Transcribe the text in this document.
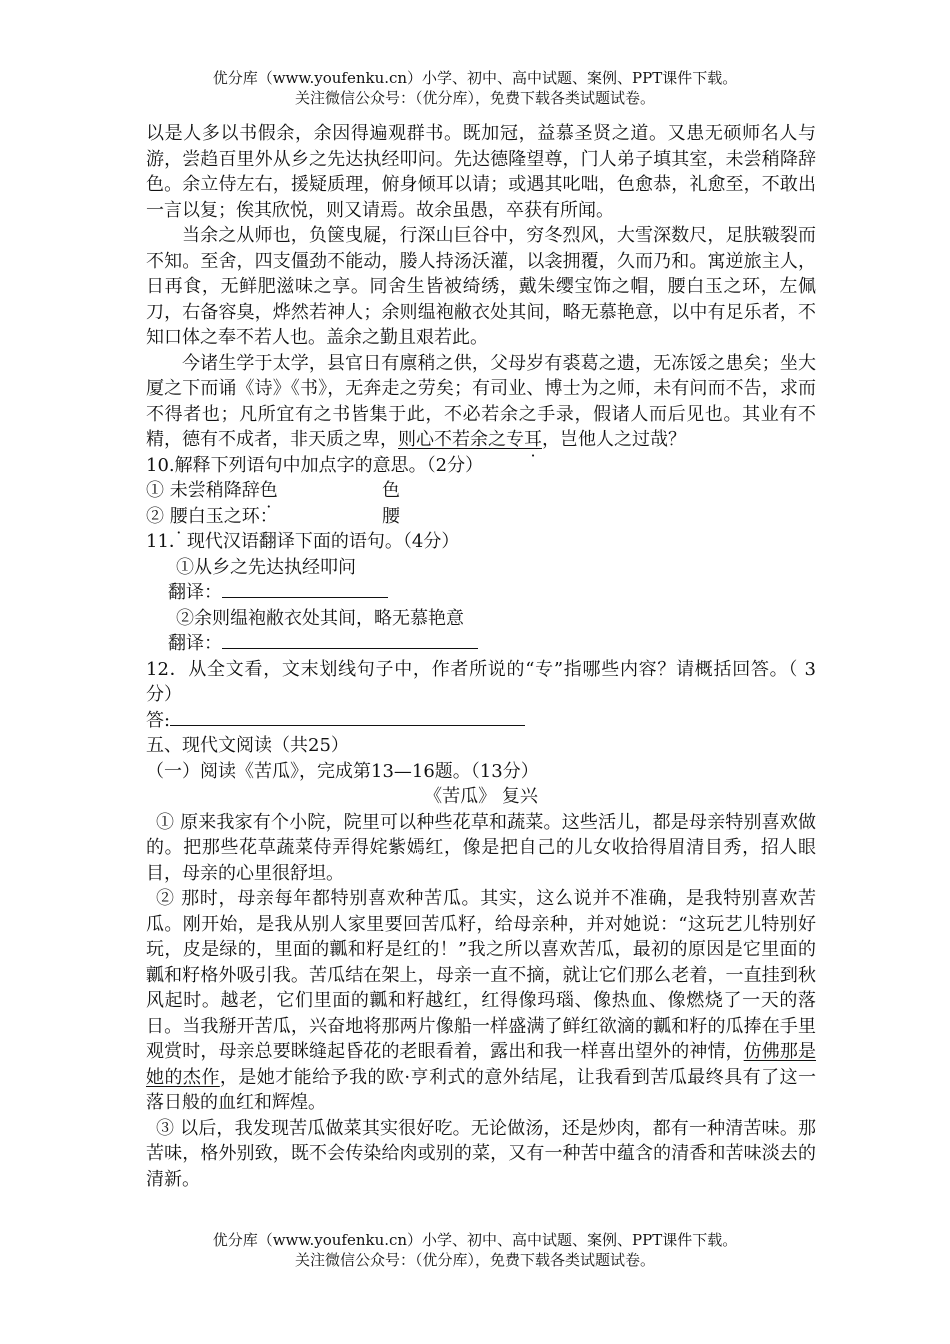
优分库（www.youfenku.cn）小学、初中、高中试题、案例、PPT课件下载。
关注微信公众号：（优分库），免费下载各类试题试卷。

以是人多以书假余，余因得遍观群书。既加冠，益慕圣贤之道。又患无硕师名人与游，尝趋百里外从乡之先达执经叩问。先达德隆望尊，门人弟子填其室，未尝稍降辞色。余立侍左右，援疑质理，俯身倾耳以请；或遇其叱咄，色愈恭，礼愈至，不敢出一言以复；俟其欣悦，则又请焉。故余虽愚，卒获有所闻。

当余之从师也，负箧曳屣，行深山巨谷中，穷冬烈风，大雪深数尺，足肤皲裂而不知。至舍，四支僵劲不能动，媵人持汤沃灌，以衾拥覆，久而乃和。寓逆旅主人，日再食，无鲜肥滋味之享。同舍生皆被绮绣，戴朱缨宝饰之帽，腰白玉之环，左佩刀，右备容臭，烨然若神人；余则缊袍敝衣处其间，略无慕艳意，以中有足乐者，不知口体之奉不若人也。盖余之勤且艰若此。

今诸生学于太学，县官日有廪稍之供，父母岁有裘葛之遗，无冻馁之患矣；坐大厦之下而诵《诗》《书》，无奔走之劳矣；有司业、博士为之师，未有问而不告，求而不得者也；凡所宜有之书皆集于此，不必若余之手录，假诸人而后见也。其业有不精，德有不成者，非天质之卑，则心不若余之专耳，岂他人之过哉？

10.解释下列语句中加点字的意思。（2分）

① 未尝稍降辞色	色

② 腰白玉之环：	腰

11．现代汉语翻译下面的语句。（4分）

①从乡之先达执经叩问

翻译：

②余则缊袍敝衣处其间，略无慕艳意

翻译：

12．从全文看，文末划线句子中，作者所说的“专”指哪些内容？请概括回答。（ 3 分）

答:

五、现代文阅读（共25）

（一）阅读《苦瓜》，完成第13—16题。（13分）

《苦瓜》 复兴

① 原来我家有个小院，院里可以种些花草和蔬菜。这些活儿，都是母亲特别喜欢做的。把那些花草蔬菜侍弄得姹紫嫣红，像是把自己的儿女收拾得眉清目秀，招人眼目，母亲的心里很舒坦。

② 那时，母亲每年都特别喜欢种苦瓜。其实，这么说并不准确，是我特别喜欢苦瓜。刚开始，是我从别人家里要回苦瓜籽，给母亲种，并对她说：“这玩艺儿特别好玩，皮是绿的，里面的瓤和籽是红的！”我之所以喜欢苦瓜，最初的原因是它里面的瓤和籽格外吸引我。苦瓜结在架上，母亲一直不摘，就让它们那么老着，一直挂到秋风起时。越老，它们里面的瓤和籽越红，红得像玛瑙、像热血、像燃烧了一天的落日。当我掰开苦瓜，兴奋地将那两片像船一样盛满了鲜红欲滴的瓤和籽的瓜捧在手里观赏时，母亲总要眯缝起昏花的老眼看着，露出和我一样喜出望外的神情，仿佛那是她的杰作，是她才能给予我的欧·亨利式的意外结尾，让我看到苦瓜最终具有了这一落日般的血红和辉煌。

③ 以后，我发现苦瓜做菜其实很好吃。无论做汤，还是炒肉，都有一种清苦味。那苦味，格外别致，既不会传染给肉或别的菜，又有一种苦中蕴含的清香和苦味淡去的清新。

优分库（www.youfenku.cn）小学、初中、高中试题、案例、PPT课件下载。
关注微信公众号：（优分库），免费下载各类试题试卷。
